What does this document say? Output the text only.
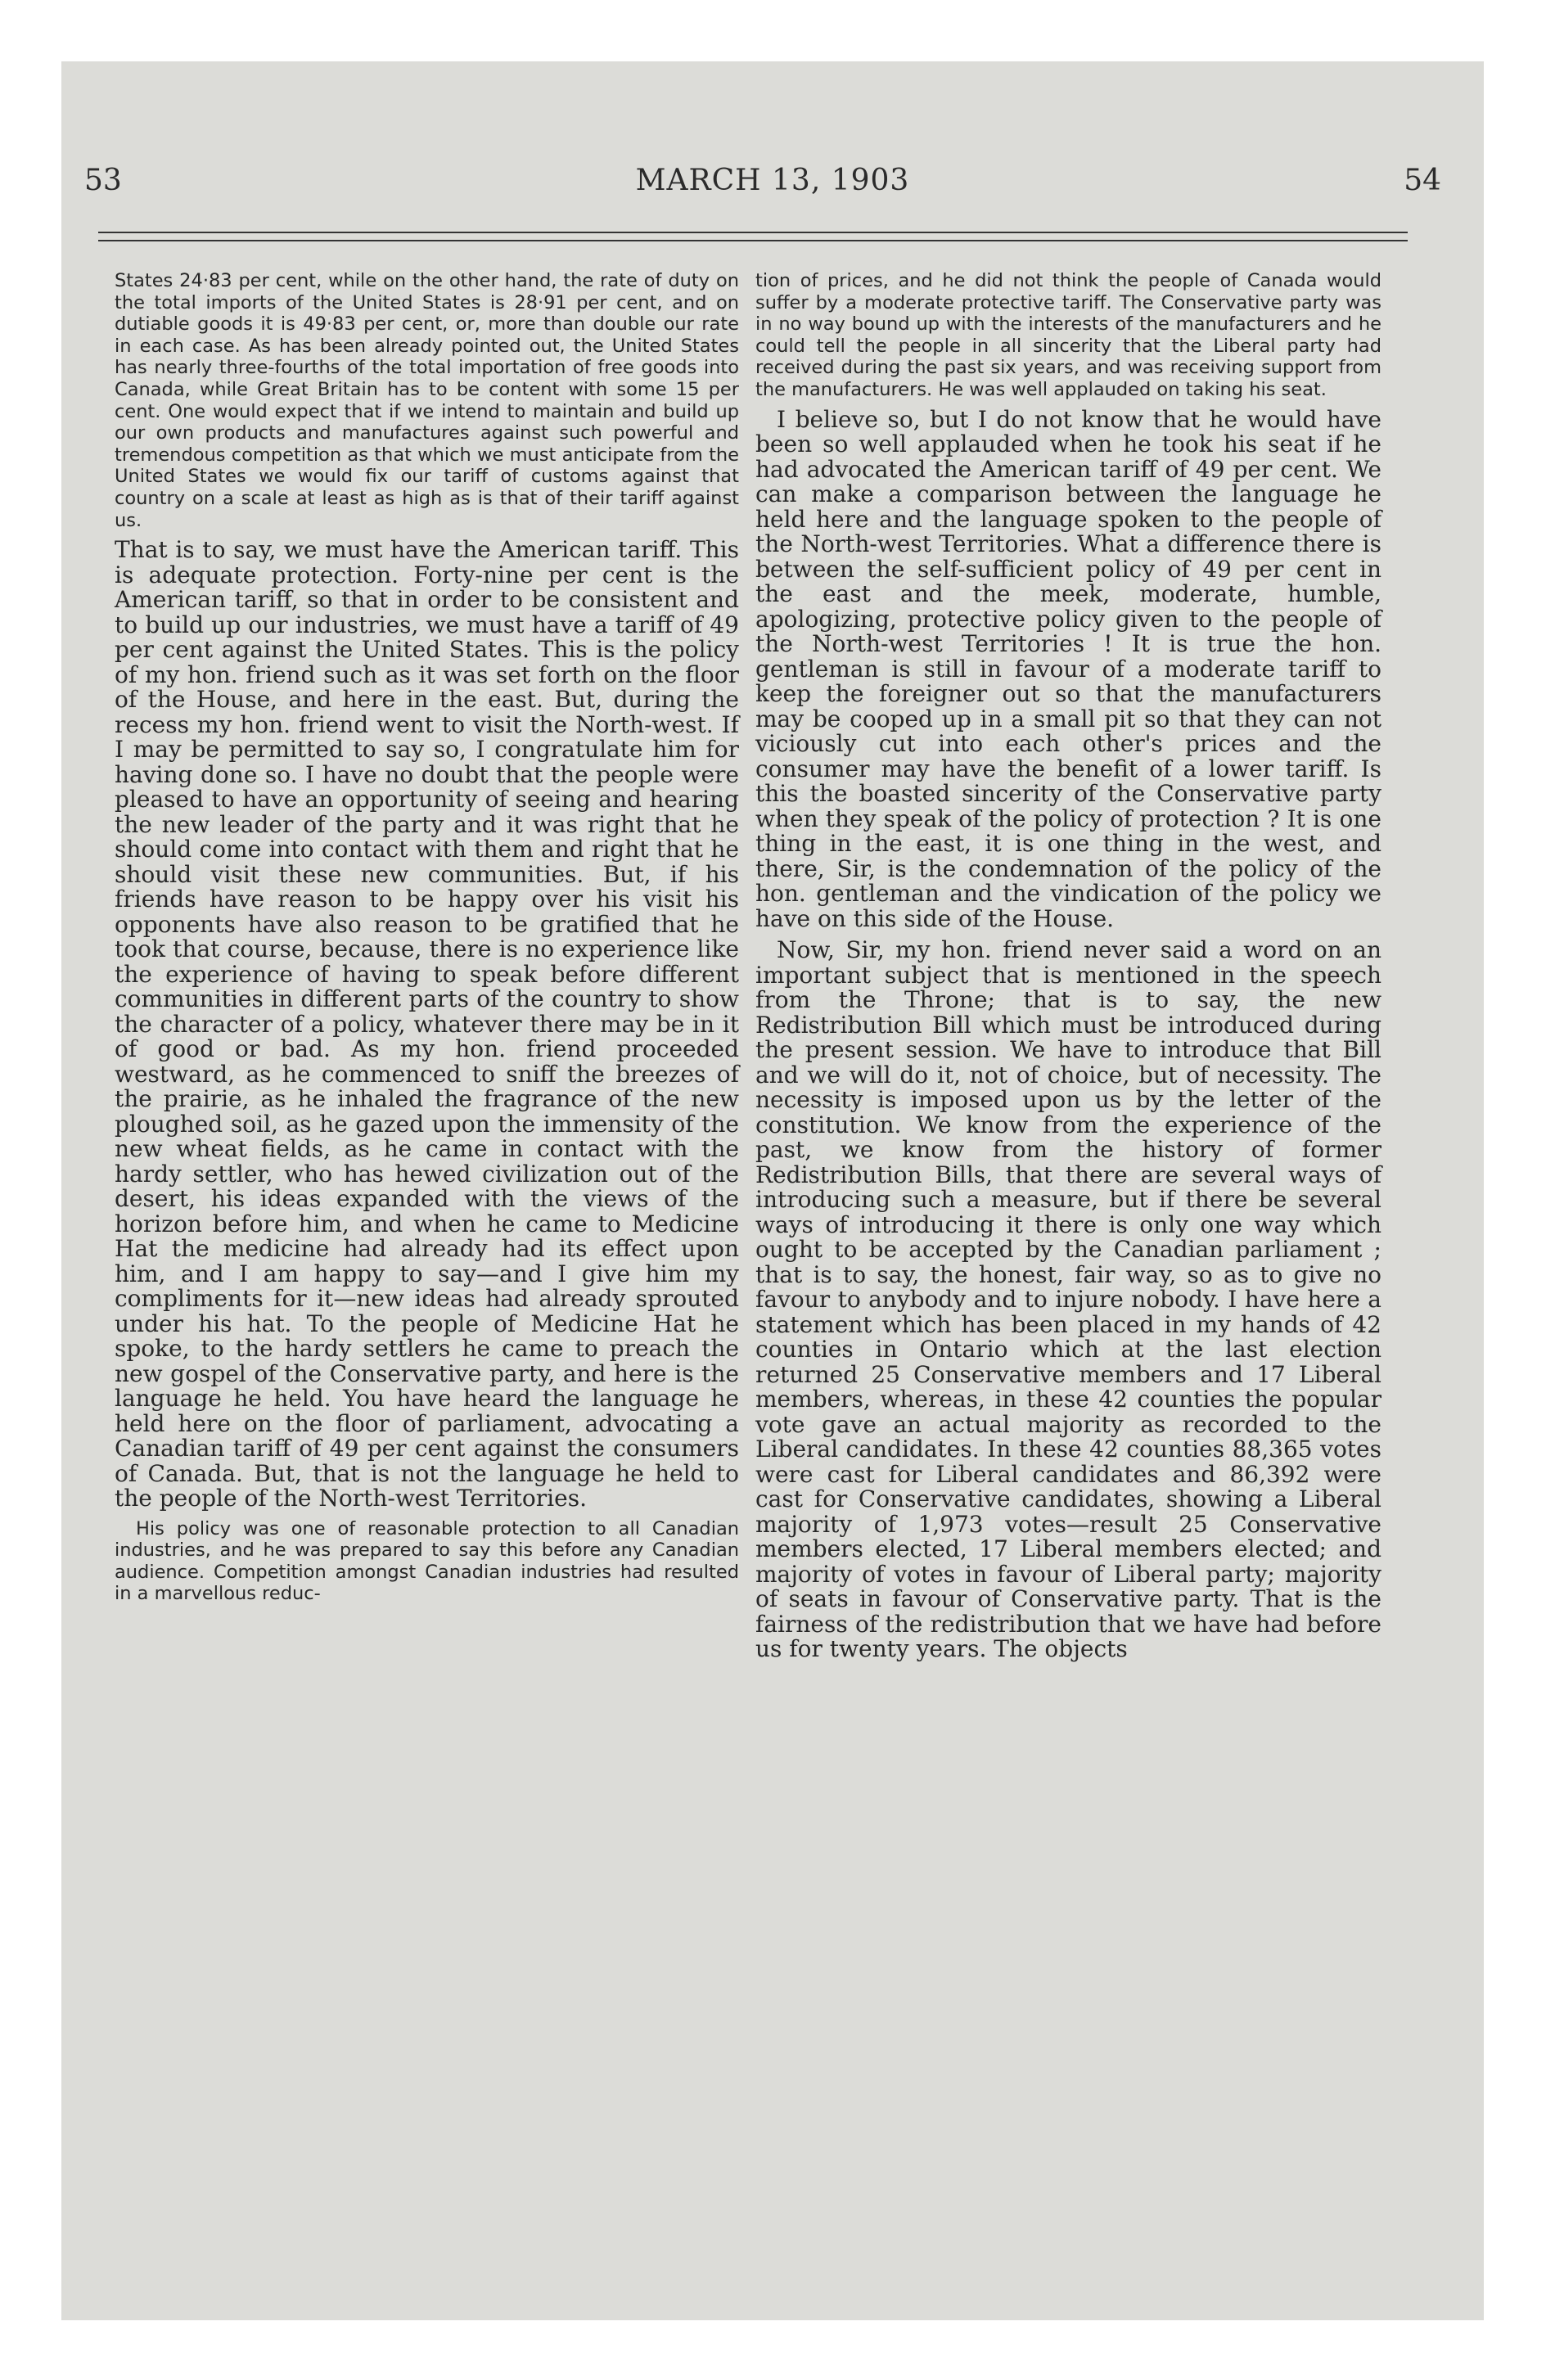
53	MARCH 13, 1903	54

States 24·83 per cent, while on the other hand, the rate of duty on the total imports of the United States is 28·91 per cent, and on dutiable goods it is 49·83 per cent, or, more than double our rate in each case. As has been already pointed out, the United States has nearly three-fourths of the total importation of free goods into Canada, while Great Britain has to be content with some 15 per cent. One would expect that if we intend to maintain and build up our own products and manufactures against such powerful and tremendous competition as that which we must anticipate from the United States we would fix our tariff of customs against that country on a scale at least as high as is that of their tariff against us.

That is to say, we must have the American tariff. This is adequate protection. Forty-nine per cent is the American tariff, so that in order to be consistent and to build up our industries, we must have a tariff of 49 per cent against the United States. This is the policy of my hon. friend such as it was set forth on the floor of the House, and here in the east. But, during the recess my hon. friend went to visit the North-west. If I may be permitted to say so, I congratulate him for having done so. I have no doubt that the people were pleased to have an opportunity of seeing and hearing the new leader of the party and it was right that he should come into contact with them and right that he should visit these new communities. But, if his friends have reason to be happy over his visit his opponents have also reason to be gratified that he took that course, because, there is no experience like the experience of having to speak before different communities in different parts of the country to show the character of a policy, whatever there may be in it of good or bad. As my hon. friend proceeded westward, as he commenced to sniff the breezes of the prairie, as he inhaled the fragrance of the new ploughed soil, as he gazed upon the immensity of the new wheat fields, as he came in contact with the hardy settler, who has hewed civilization out of the desert, his ideas expanded with the views of the horizon before him, and when he came to Medicine Hat the medicine had already had its effect upon him, and I am happy to say—and I give him my compliments for it—new ideas had already sprouted under his hat. To the people of Medicine Hat he spoke, to the hardy settlers he came to preach the new gospel of the Conservative party, and here is the language he held. You have heard the language he held here on the floor of parliament, advocating a Canadian tariff of 49 per cent against the consumers of Canada. But, that is not the language he held to the people of the North-west Territories.

His policy was one of reasonable protection to all Canadian industries, and he was prepared to say this before any Canadian audience. Competition amongst Canadian industries had resulted in a marvellous reduc-

tion of prices, and he did not think the people of Canada would suffer by a moderate protective tariff. The Conservative party was in no way bound up with the interests of the manufacturers and he could tell the people in all sincerity that the Liberal party had received during the past six years, and was receiving support from the manufacturers. He was well applauded on taking his seat.

I believe so, but I do not know that he would have been so well applauded when he took his seat if he had advocated the American tariff of 49 per cent. We can make a comparison between the language he held here and the language spoken to the people of the North-west Territories. What a difference there is between the self-sufficient policy of 49 per cent in the east and the meek, moderate, humble, apologizing, protective policy given to the people of the North-west Territories ! It is true the hon. gentleman is still in favour of a moderate tariff to keep the foreigner out so that the manufacturers may be cooped up in a small pit so that they can not viciously cut into each other's prices and the consumer may have the benefit of a lower tariff. Is this the boasted sincerity of the Conservative party when they speak of the policy of protection ? It is one thing in the east, it is one thing in the west, and there, Sir, is the condemnation of the policy of the hon. gentleman and the vindication of the policy we have on this side of the House.

Now, Sir, my hon. friend never said a word on an important subject that is mentioned in the speech from the Throne; that is to say, the new Redistribution Bill which must be introduced during the present session. We have to introduce that Bill and we will do it, not of choice, but of necessity. The necessity is imposed upon us by the letter of the constitution. We know from the experience of the past, we know from the history of former Redistribution Bills, that there are several ways of introducing such a measure, but if there be several ways of introducing it there is only one way which ought to be accepted by the Canadian parliament ; that is to say, the honest, fair way, so as to give no favour to anybody and to injure nobody. I have here a statement which has been placed in my hands of 42 counties in Ontario which at the last election returned 25 Conservative members and 17 Liberal members, whereas, in these 42 counties the popular vote gave an actual majority as recorded to the Liberal candidates. In these 42 counties 88,365 votes were cast for Liberal candidates and 86,392 were cast for Conservative candidates, showing a Liberal majority of 1,973 votes—result 25 Conservative members elected, 17 Liberal members elected; and majority of votes in favour of Liberal party; majority of seats in favour of Conservative party. That is the fairness of the redistribution that we have had before us for twenty years. The objects
